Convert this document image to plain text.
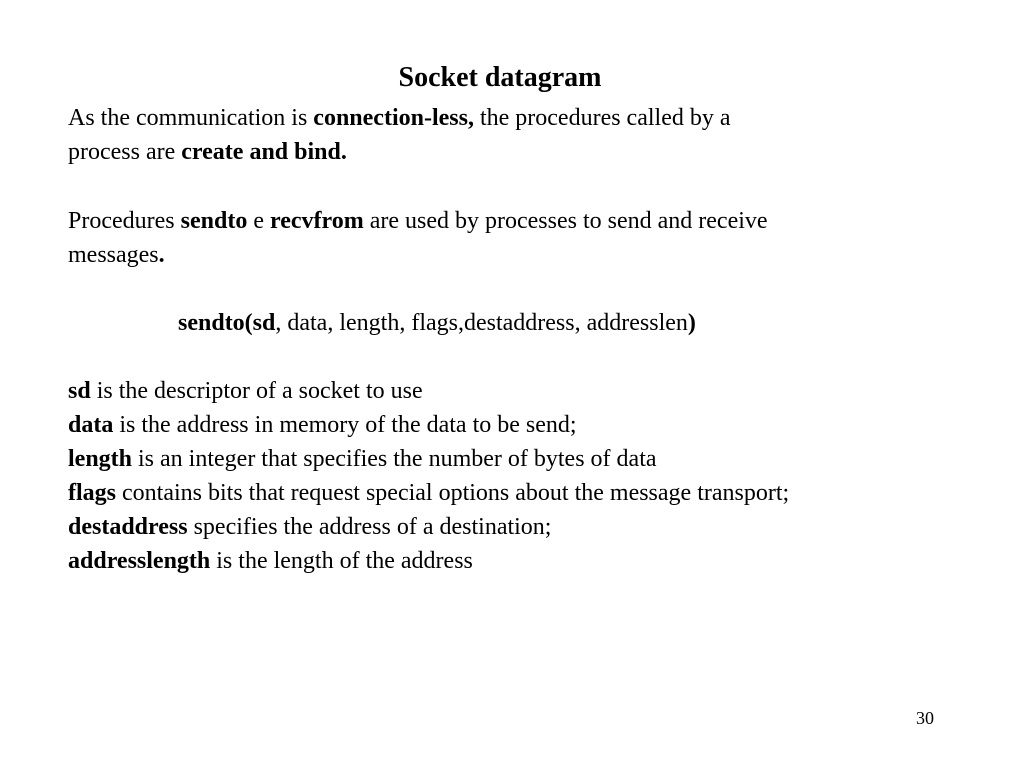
Socket datagram
As the communication is connection-less, the procedures called by a
process are create and bind.
Procedures sendto e recvfrom are used by processes to send and receive
messages.
sendto(sd, data, length, flags,destaddress, addresslen)
sd is the descriptor of a socket to use
data is the address in memory of the data to be send;
length is an integer that specifies the number of bytes of data
flags contains bits that request special options about the message transport;
destaddress specifies the address of a destination;
addresslength is the length of the address
30
